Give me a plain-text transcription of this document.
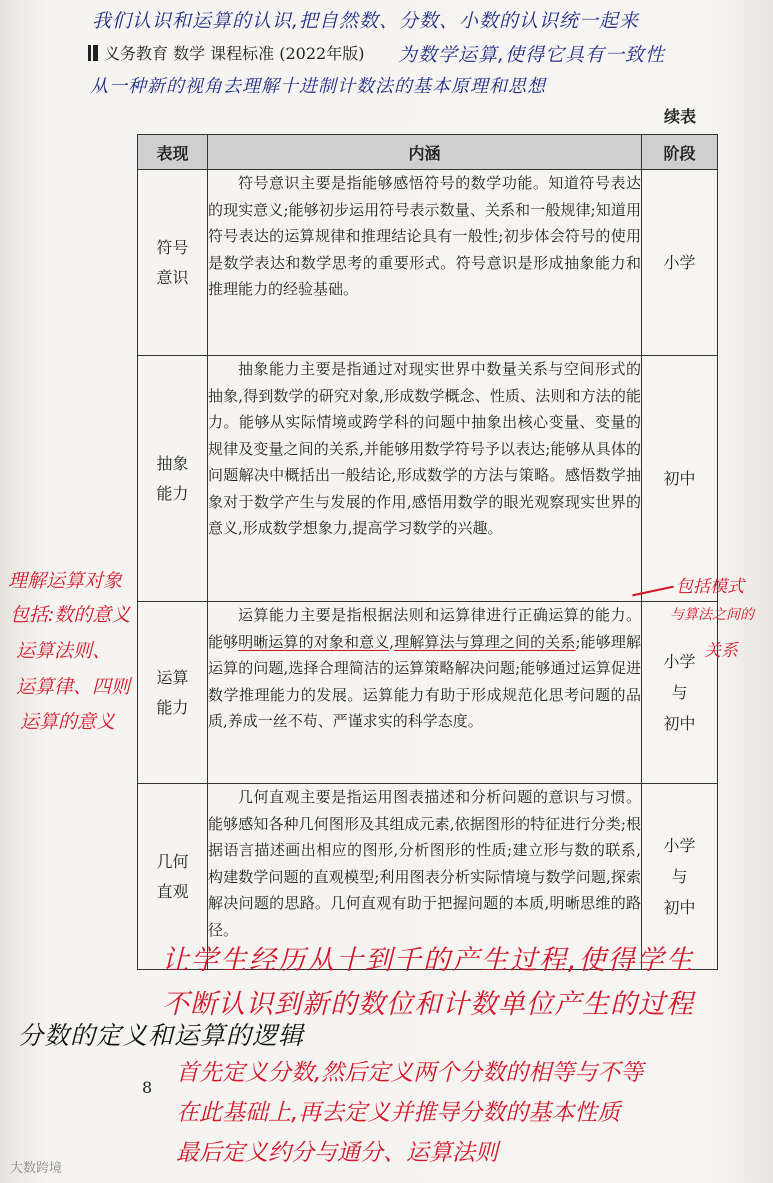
我们认识和运算的认识,把自然数、分数、小数的认识统一起来
为数学运算,使得它具有一致性
从一种新的视角去理解十进制计数法的基本原理和思想
义务教育 数学 课程标准 (2022年版)
续表
表现	内涵	阶段

符号
意识	符号意识主要是指能够感悟符号的数学功能。知道符号表达的现实意义;能够初步运用符号表示数量、关系和一般规律;知道用符号表达的运算规律和推理结论具有一般性;初步体会符号的使用是数学表达和数学思考的重要形式。符号意识是形成抽象能力和推理能力的经验基础。	小学

抽象
能力	抽象能力主要是指通过对现实世界中数量关系与空间形式的抽象,得到数学的研究对象,形成数学概念、性质、法则和方法的能力。能够从实际情境或跨学科的问题中抽象出核心变量、变量的规律及变量之间的关系,并能够用数学符号予以表达;能够从具体的问题解决中概括出一般结论,形成数学的方法与策略。感悟数学抽象对于数学产生与发展的作用,感悟用数学的眼光观察现实世界的意义,形成数学想象力,提高学习数学的兴趣。	初中

运算
能力	运算能力主要是指根据法则和运算律进行正确运算的能力。能够明晰运算的对象和意义,理解算法与算理之间的关系;能够理解运算的问题,选择合理简洁的运算策略解决问题;能够通过运算促进数学推理能力的发展。运算能力有助于形成规范化思考问题的品质,养成一丝不苟、严谨求实的科学态度。	小学
与
初中

几何
直观	几何直观主要是指运用图表描述和分析问题的意识与习惯。能够感知各种几何图形及其组成元素,依据图形的特征进行分类;根据语言描述画出相应的图形,分析图形的性质;建立形与数的联系,构建数学问题的直观模型;利用图表分析实际情境与数学问题,探索解决问题的思路。几何直观有助于把握问题的本质,明晰思维的路径。	小学
与
初中
理解运算对象
包括:数的意义
运算法则、
运算律、四则
运算的意义
包括模式
与算法之间的
关系
让学生经历从十到千的产生过程,使得学生
不断认识到新的数位和计数单位产生的过程
分数的定义和运算的逻辑
首先定义分数,然后定义两个分数的相等与不等
在此基础上,再去定义并推导分数的基本性质
最后定义约分与通分、运算法则
8
大数跨境
